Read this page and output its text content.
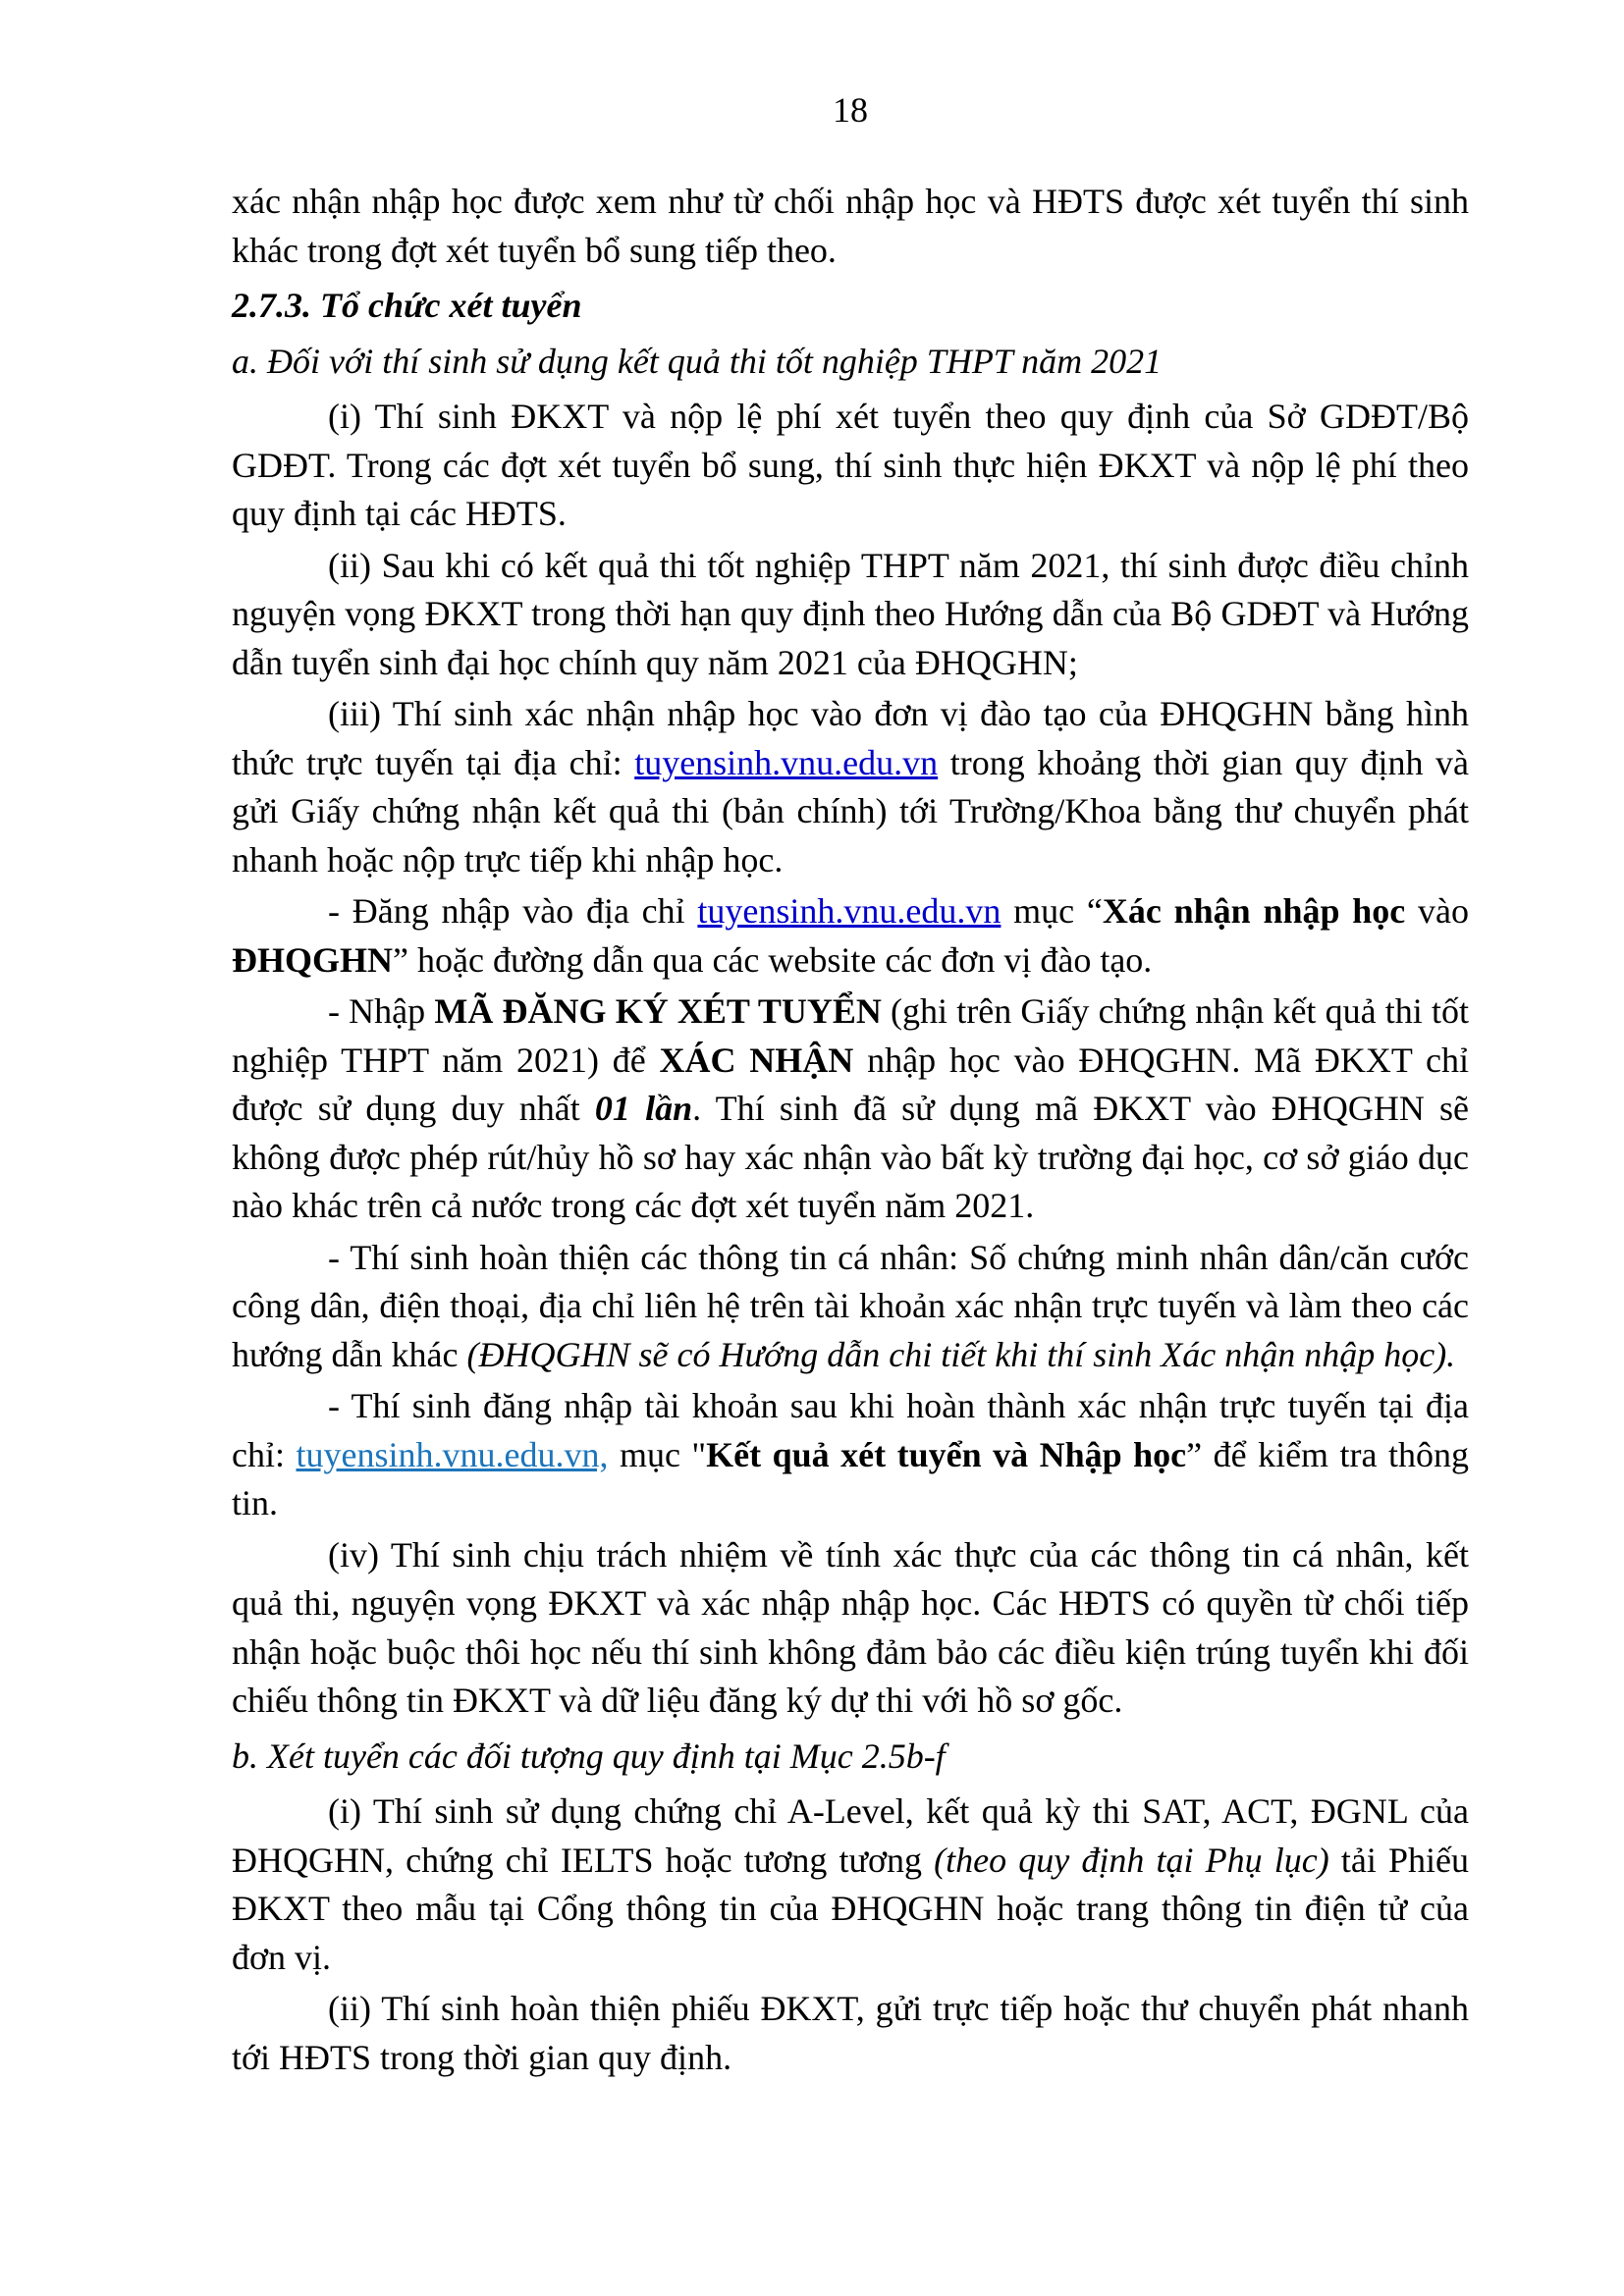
18

xác nhận nhập học được xem như từ chối nhập học và HĐTS được xét tuyển thí sinh khác trong đợt xét tuyển bổ sung tiếp theo.

2.7.3. Tổ chức xét tuyển

a. Đối với thí sinh sử dụng kết quả thi tốt nghiệp THPT năm 2021

(i) Thí sinh ĐKXT và nộp lệ phí xét tuyển theo quy định của Sở GDĐT/Bộ GDĐT. Trong các đợt xét tuyển bổ sung, thí sinh thực hiện ĐKXT và nộp lệ phí theo quy định tại các HĐTS.

(ii) Sau khi có kết quả thi tốt nghiệp THPT năm 2021, thí sinh được điều chỉnh nguyện vọng ĐKXT trong thời hạn quy định theo Hướng dẫn của Bộ GDĐT và Hướng dẫn tuyển sinh đại học chính quy năm 2021 của ĐHQGHN;

(iii) Thí sinh xác nhận nhập học vào đơn vị đào tạo của ĐHQGHN bằng hình thức trực tuyến tại địa chỉ: tuyensinh.vnu.edu.vn trong khoảng thời gian quy định và gửi Giấy chứng nhận kết quả thi (bản chính) tới Trường/Khoa bằng thư chuyển phát nhanh hoặc nộp trực tiếp khi nhập học.

- Đăng nhập vào địa chỉ tuyensinh.vnu.edu.vn mục “Xác nhận nhập học vào ĐHQGHN” hoặc đường dẫn qua các website các đơn vị đào tạo.

- Nhập MÃ ĐĂNG KÝ XÉT TUYỂN (ghi trên Giấy chứng nhận kết quả thi tốt nghiệp THPT năm 2021) để XÁC NHẬN nhập học vào ĐHQGHN. Mã ĐKXT chỉ được sử dụng duy nhất 01 lần. Thí sinh đã sử dụng mã ĐKXT vào ĐHQGHN sẽ không được phép rút/hủy hồ sơ hay xác nhận vào bất kỳ trường đại học, cơ sở giáo dục nào khác trên cả nước trong các đợt xét tuyển năm 2021.

- Thí sinh hoàn thiện các thông tin cá nhân: Số chứng minh nhân dân/căn cước công dân, điện thoại, địa chỉ liên hệ trên tài khoản xác nhận trực tuyến và làm theo các hướng dẫn khác (ĐHQGHN sẽ có Hướng dẫn chi tiết khi thí sinh Xác nhận nhập học).

- Thí sinh đăng nhập tài khoản sau khi hoàn thành xác nhận trực tuyến tại địa chỉ: tuyensinh.vnu.edu.vn, mục "Kết quả xét tuyển và Nhập học” để kiểm tra thông tin.

(iv) Thí sinh chịu trách nhiệm về tính xác thực của các thông tin cá nhân, kết quả thi, nguyện vọng ĐKXT và xác nhập nhập học. Các HĐTS có quyền từ chối tiếp nhận hoặc buộc thôi học nếu thí sinh không đảm bảo các điều kiện trúng tuyển khi đối chiếu thông tin ĐKXT và dữ liệu đăng ký dự thi với hồ sơ gốc.

b. Xét tuyển các đối tượng quy định tại Mục 2.5b-f

(i) Thí sinh sử dụng chứng chỉ A-Level, kết quả kỳ thi SAT, ACT, ĐGNL của ĐHQGHN, chứng chỉ IELTS hoặc tương tương (theo quy định tại Phụ lục) tải Phiếu ĐKXT theo mẫu tại Cổng thông tin của ĐHQGHN hoặc trang thông tin điện tử của đơn vị.

(ii) Thí sinh hoàn thiện phiếu ĐKXT, gửi trực tiếp hoặc thư chuyển phát nhanh tới HĐTS trong thời gian quy định.
